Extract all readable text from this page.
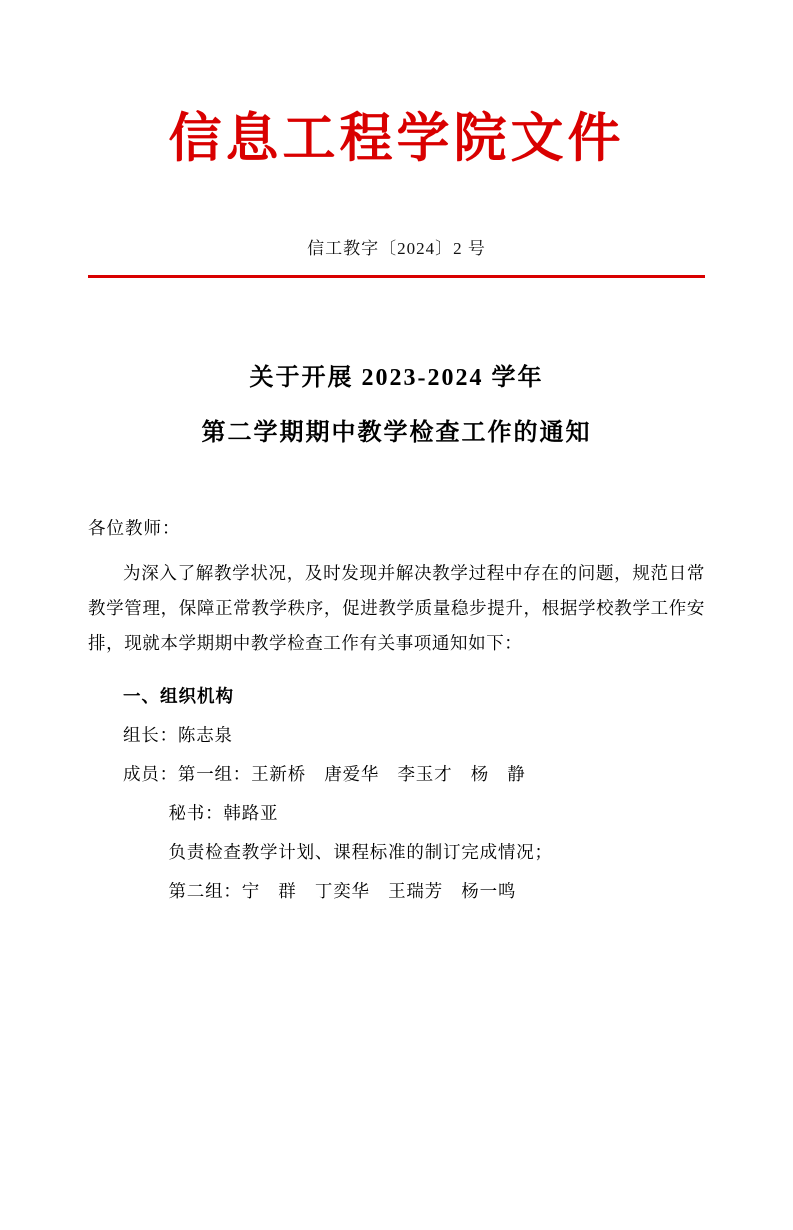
信息工程学院文件
信工教字〔2024〕2 号
关于开展 2023-2024 学年
第二学期期中教学检查工作的通知
各位教师：
为深入了解教学状况，及时发现并解决教学过程中存在的问题，规范日常教学管理，保障正常教学秩序，促进教学质量稳步提升，根据学校教学工作安排，现就本学期期中教学检查工作有关事项通知如下：
一、组织机构
组长：陈志泉
成员：第一组：王新桥　唐爱华　李玉才　杨　静
秘书：韩路亚
负责检查教学计划、课程标准的制订完成情况；
第二组：宁　群　丁奕华　王瑞芳　杨一鸣
